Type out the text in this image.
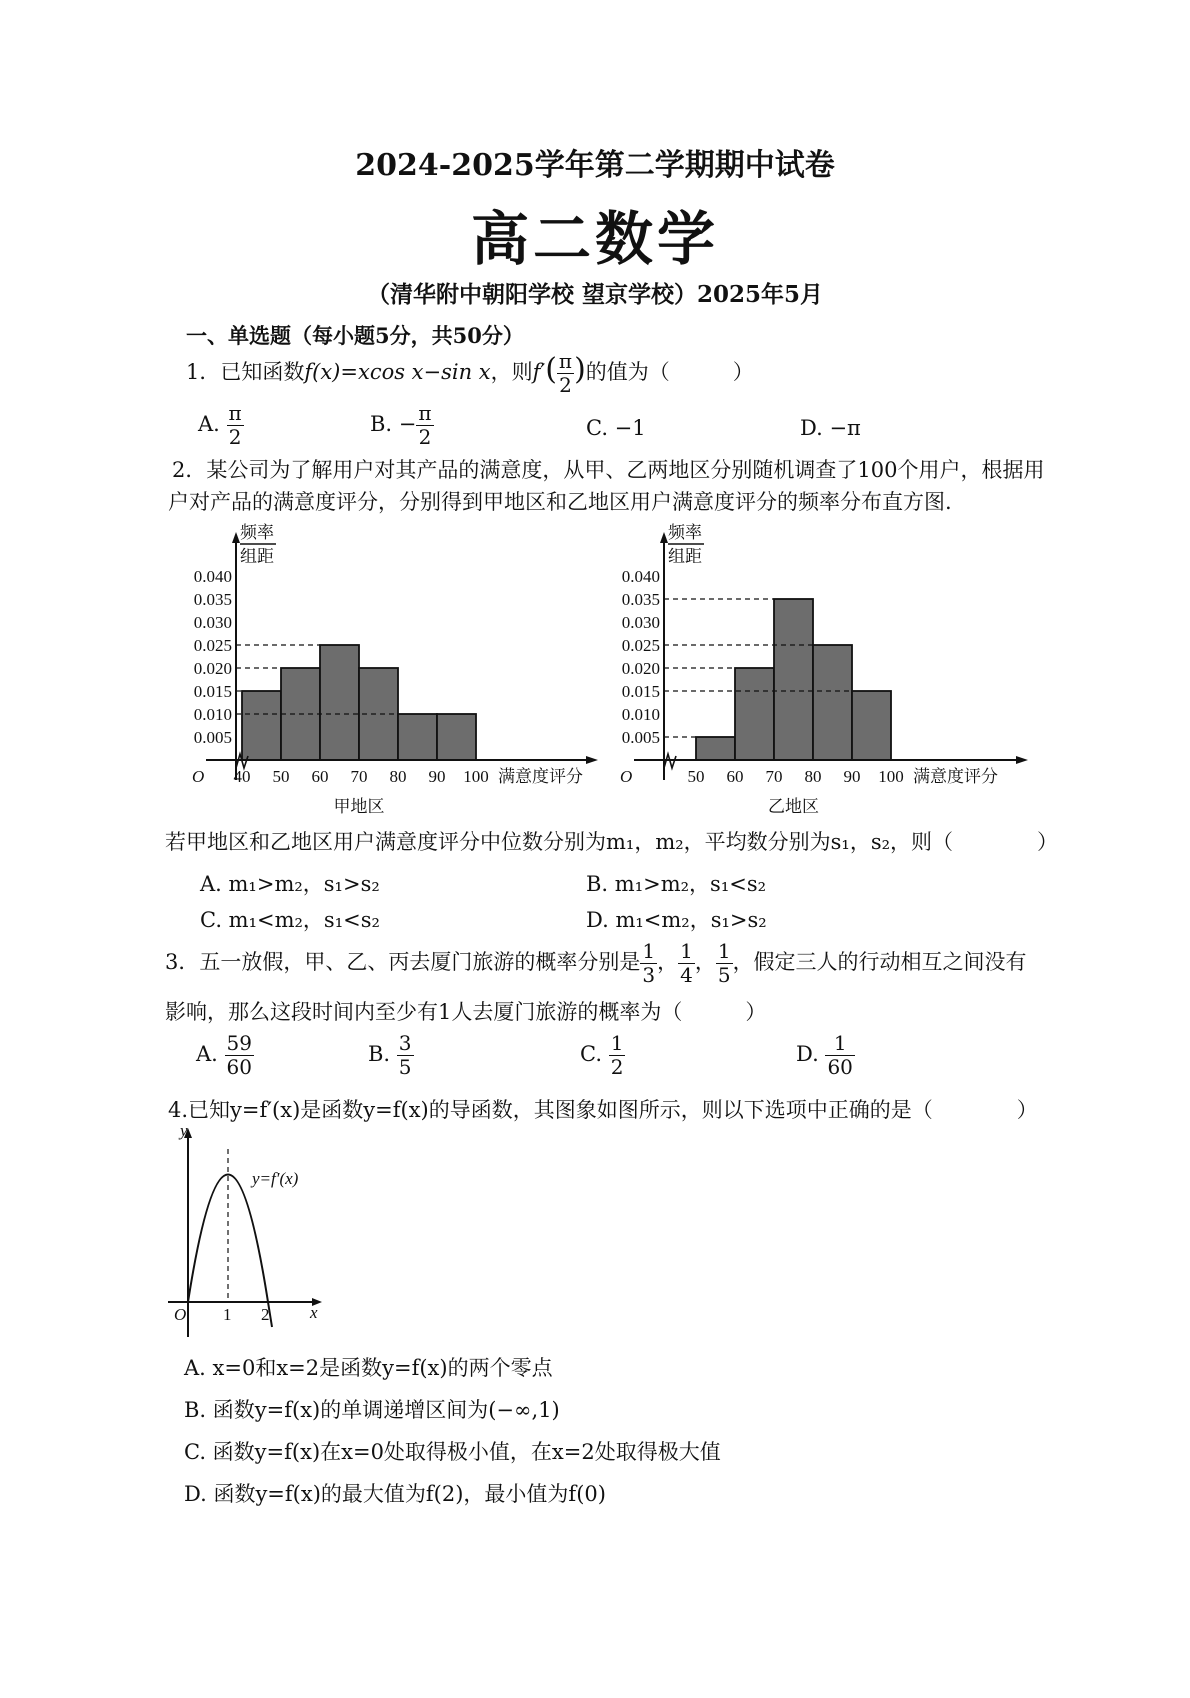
2024-2025学年第二学期期中试卷
高二数学
（清华附中朝阳学校 望京学校）2025年5月
一、单选题（每小题5分，共50分）
1．已知函数f(x)=xcos x−sin x，则$f'( \frac{\pi}{2}$ )的值为（　　　）
A. $\frac{\pi}{2}$	B. − $\frac{\pi}{2}$	C. −1	D. −π
2．某公司为了解用户对其产品的满意度，从甲、乙两地区分别随机调查了100个用户，根据用
户对产品的满意度评分，分别得到甲地区和乙地区用户满意度评分的频率分布直方图.
0.005
0.010
0.015
0.020
0.025
0.030
0.035
0.040
40 50 60 70 80 90 100
O	满意度评分
频率
组距
甲地区
0.005
0.010
0.015
0.020
0.025
0.030
0.035
0.040
50 60 70 80 90 100
O	满意度评分
频率
组距
乙地区
若甲地区和乙地区用户满意度评分中位数分别为m₁，m₂，平均数分别为s₁，s₂，则（　　　　）
A. m₁>m₂，s₁>s₂	B. m₁>m₂，s₁<s₂
C. m₁<m₂，s₁<s₂	D. m₁<m₂，s₁>s₂
3．五一放假，甲、乙、丙去厦门旅游的概率分别是 $\frac{1}{3}$ ， $\frac{1}{4}$ ， $\frac{1}{5}$ ，假定三人的行动相互之间没有
影响，那么这段时间内至少有1人去厦门旅游的概率为（　　　）
A. $\frac{59}{60}$	B. $\frac{3}{5}$	C. $\frac{1}{2}$	D. $\frac{1}{60}$
4.已知y=f′(x)是函数y=f(x)的导函数，其图象如图所示，则以下选项中正确的是（　　　　）
y
x
O 1 2
y=f′(x)
A. x=0和x=2是函数y=f(x)的两个零点
B. 函数y=f(x)的单调递增区间为(−∞,1)
C. 函数y=f(x)在x=0处取得极小值，在x=2处取得极大值
D. 函数y=f(x)的最大值为f(2)，最小值为f(0)
